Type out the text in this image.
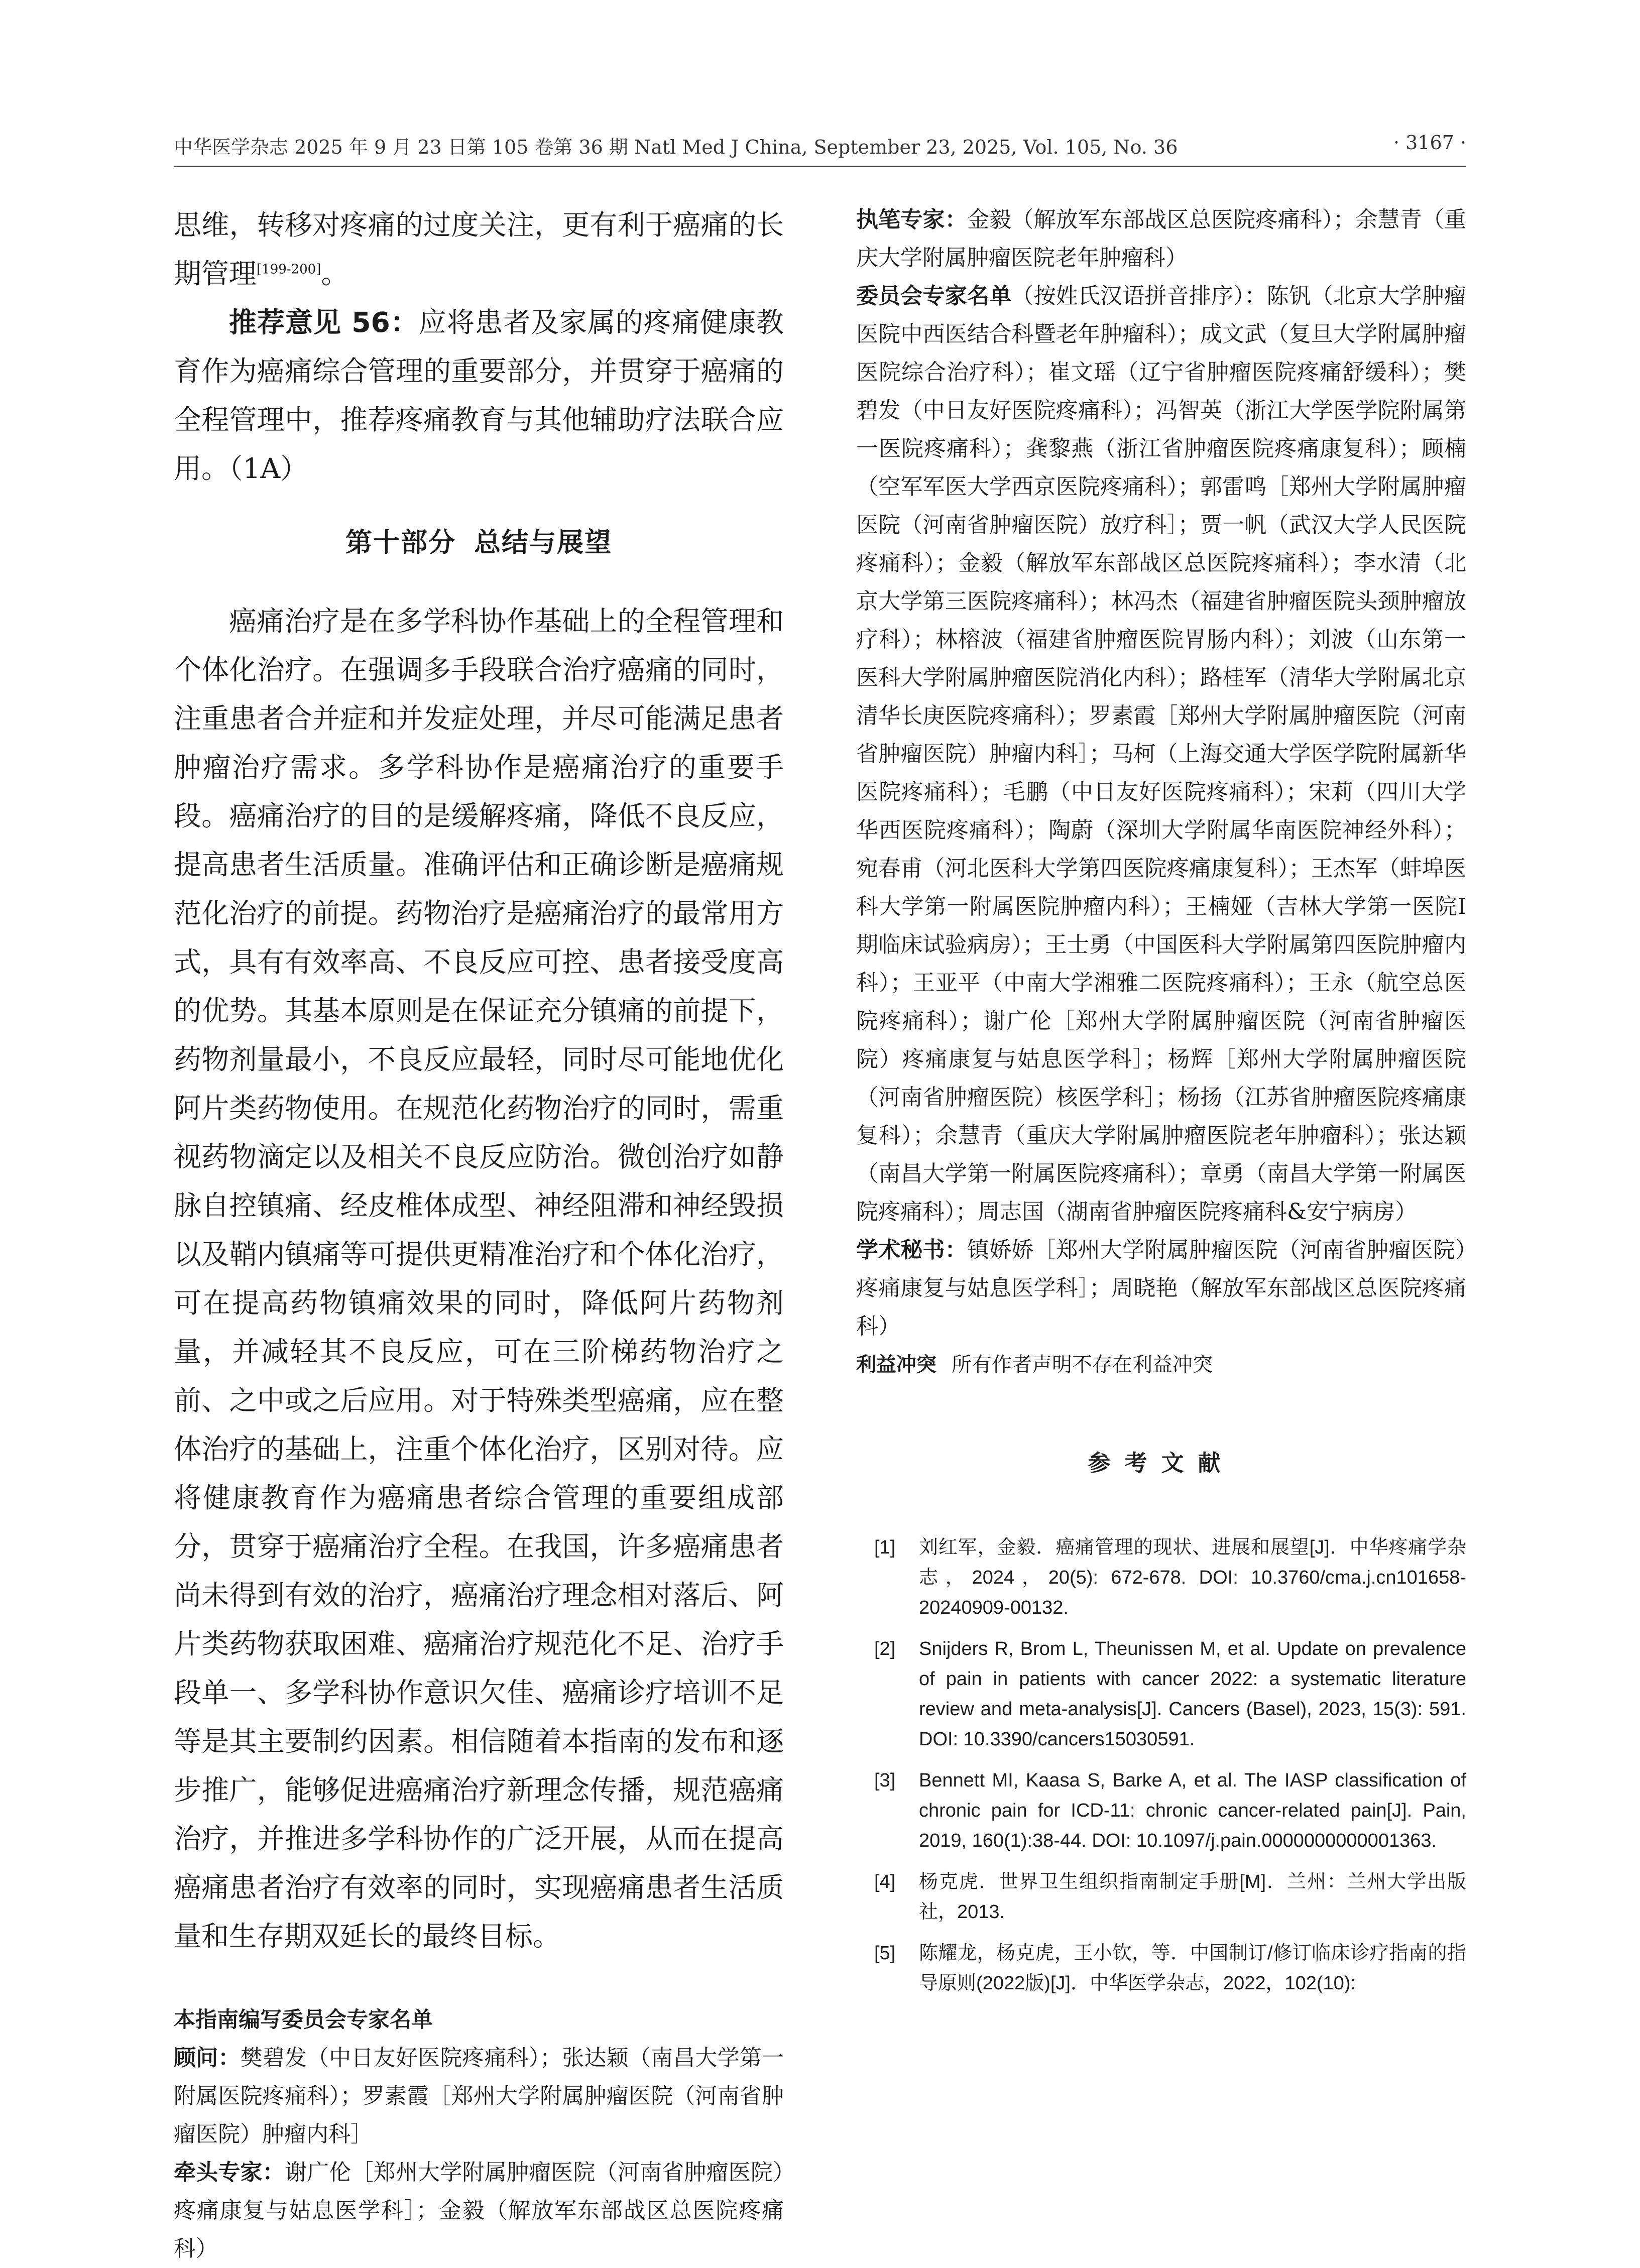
中华医学杂志 2025 年 9 月 23 日第 105 卷第 36 期 Natl Med J China, September 23, 2025, Vol. 105, No. 36	· 3167 ·

思维，转移对疼痛的过度关注，更有利于癌痛的长期管理[199-200]。

推荐意见 56：应将患者及家属的疼痛健康教育作为癌痛综合管理的重要部分，并贯穿于癌痛的全程管理中，推荐疼痛教育与其他辅助疗法联合应用。（1A）

第十部分 总结与展望

癌痛治疗是在多学科协作基础上的全程管理和个体化治疗。在强调多手段联合治疗癌痛的同时，注重患者合并症和并发症处理，并尽可能满足患者肿瘤治疗需求。多学科协作是癌痛治疗的重要手段。癌痛治疗的目的是缓解疼痛，降低不良反应，提高患者生活质量。准确评估和正确诊断是癌痛规范化治疗的前提。药物治疗是癌痛治疗的最常用方式，具有有效率高、不良反应可控、患者接受度高的优势。其基本原则是在保证充分镇痛的前提下，药物剂量最小，不良反应最轻，同时尽可能地优化阿片类药物使用。在规范化药物治疗的同时，需重视药物滴定以及相关不良反应防治。微创治疗如静脉自控镇痛、经皮椎体成型、神经阻滞和神经毁损以及鞘内镇痛等可提供更精准治疗和个体化治疗，可在提高药物镇痛效果的同时，降低阿片药物剂量，并减轻其不良反应，可在三阶梯药物治疗之前、之中或之后应用。对于特殊类型癌痛，应在整体治疗的基础上，注重个体化治疗，区别对待。应将健康教育作为癌痛患者综合管理的重要组成部分，贯穿于癌痛治疗全程。在我国，许多癌痛患者尚未得到有效的治疗，癌痛治疗理念相对落后、阿片类药物获取困难、癌痛治疗规范化不足、治疗手段单一、多学科协作意识欠佳、癌痛诊疗培训不足等是其主要制约因素。相信随着本指南的发布和逐步推广，能够促进癌痛治疗新理念传播，规范癌痛治疗，并推进多学科协作的广泛开展，从而在提高癌痛患者治疗有效率的同时，实现癌痛患者生活质量和生存期双延长的最终目标。

本指南编写委员会专家名单

顾问：樊碧发（中日友好医院疼痛科）；张达颖（南昌大学第一附属医院疼痛科）；罗素霞［郑州大学附属肿瘤医院（河南省肿瘤医院）肿瘤内科］

牵头专家：谢广伦［郑州大学附属肿瘤医院（河南省肿瘤医院）疼痛康复与姑息医学科］；金毅（解放军东部战区总医院疼痛科）

执笔专家：金毅（解放军东部战区总医院疼痛科）；余慧青（重庆大学附属肿瘤医院老年肿瘤科）

委员会专家名单（按姓氏汉语拼音排序）：陈钒（北京大学肿瘤医院中西医结合科暨老年肿瘤科）；成文武（复旦大学附属肿瘤医院综合治疗科）；崔文瑶（辽宁省肿瘤医院疼痛舒缓科）；樊碧发（中日友好医院疼痛科）；冯智英（浙江大学医学院附属第一医院疼痛科）；龚黎燕（浙江省肿瘤医院疼痛康复科）；顾楠（空军军医大学西京医院疼痛科）；郭雷鸣［郑州大学附属肿瘤医院（河南省肿瘤医院）放疗科］；贾一帆（武汉大学人民医院疼痛科）；金毅（解放军东部战区总医院疼痛科）；李水清（北京大学第三医院疼痛科）；林冯杰（福建省肿瘤医院头颈肿瘤放疗科）；林榕波（福建省肿瘤医院胃肠内科）；刘波（山东第一医科大学附属肿瘤医院消化内科）；路桂军（清华大学附属北京清华长庚医院疼痛科）；罗素霞［郑州大学附属肿瘤医院（河南省肿瘤医院）肿瘤内科］；马柯（上海交通大学医学院附属新华医院疼痛科）；毛鹏（中日友好医院疼痛科）；宋莉（四川大学华西医院疼痛科）；陶蔚（深圳大学附属华南医院神经外科）；宛春甫（河北医科大学第四医院疼痛康复科）；王杰军（蚌埠医科大学第一附属医院肿瘤内科）；王楠娅（吉林大学第一医院Ⅰ期临床试验病房）；王士勇（中国医科大学附属第四医院肿瘤内科）；王亚平（中南大学湘雅二医院疼痛科）；王永（航空总医院疼痛科）；谢广伦［郑州大学附属肿瘤医院（河南省肿瘤医院）疼痛康复与姑息医学科］；杨辉［郑州大学附属肿瘤医院（河南省肿瘤医院）核医学科］；杨扬（江苏省肿瘤医院疼痛康复科）；余慧青（重庆大学附属肿瘤医院老年肿瘤科）；张达颖（南昌大学第一附属医院疼痛科）；章勇（南昌大学第一附属医院疼痛科）；周志国（湖南省肿瘤医院疼痛科&安宁病房）

学术秘书：镇娇娇［郑州大学附属肿瘤医院（河南省肿瘤医院）疼痛康复与姑息医学科］；周晓艳（解放军东部战区总医院疼痛科）

利益冲突 所有作者声明不存在利益冲突

参考文献
[1]	刘红军，金毅．癌痛管理的现状、进展和展望[J]．中华疼痛学杂志，2024，20(5): 672-678. DOI: 10.3760/cma.j.cn101658-20240909-00132.
[2]	Snijders R, Brom L, Theunissen M, et al. Update on prevalence of pain in patients with cancer 2022: a systematic literature review and meta-analysis[J]. Cancers (Basel), 2023, 15(3): 591. DOI: 10.3390/cancers15030591.
[3]	Bennett MI, Kaasa S, Barke A, et al. The IASP classification of chronic pain for ICD-11: chronic cancer-related pain[J]. Pain, 2019, 160(1):38-44. DOI: 10.1097/j.pain.0000000000001363.
[4]	杨克虎．世界卫生组织指南制定手册[M]．兰州：兰州大学出版社，2013.
[5]	陈耀龙，杨克虎，王小钦，等．中国制订/修订临床诊疗指南的指导原则(2022版)[J]．中华医学杂志，2022，102(10):
